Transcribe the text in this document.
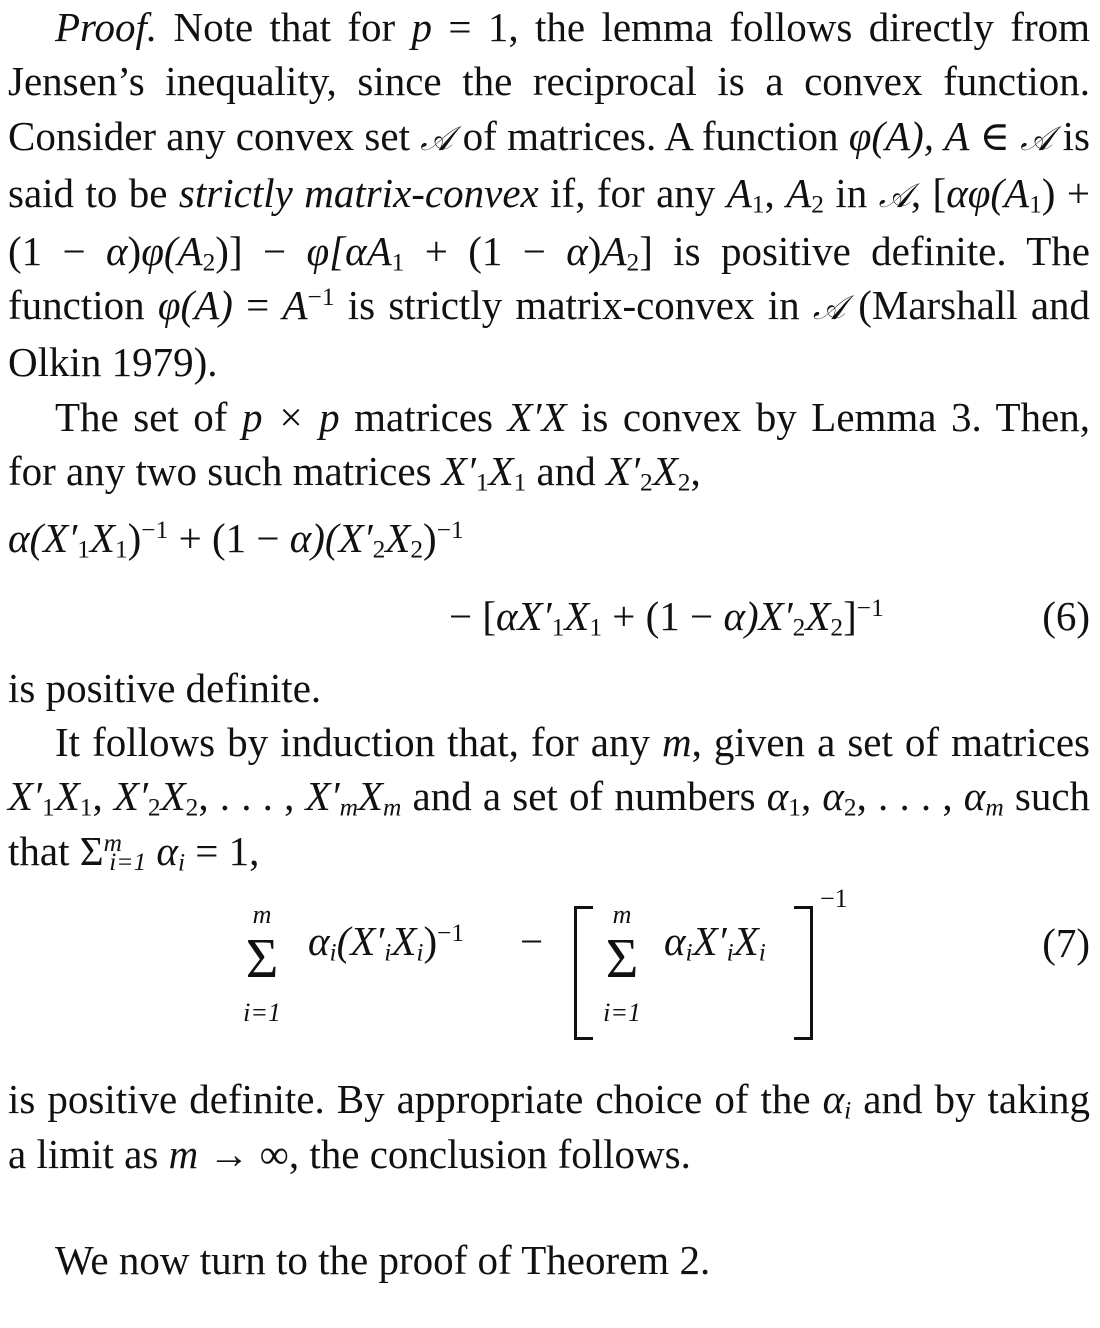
Proof. Note that for p = 1, the lemma follows directly from Jensen’s inequality, since the reciprocal is a convex function. Consider any convex set 𝒜 of matrices. A function φ(A), A ∈ 𝒜 is said to be strictly matrix-convex if, for any $A_1$, $A_2$ in 𝒜, $[\alpha\varphi(A_1) + (1 - \alpha)\varphi(A_2)] - \varphi[\alpha A_1 + (1 - \alpha)A_2]$ is positive definite. The function $\varphi(A) = A^{-1}$ is strictly matrix-convex in 𝒜 (Marshall and Olkin 1979).

The set of p × p matrices X′X is convex by Lemma 3. Then, for any two such matrices $X'_1X_1$ and $X'_2X_2$,

$\alpha(X'_1X_1)^{-1} + (1 - \alpha)(X'_2X_2)^{-1}$
− $[\alpha X'_1X_1 + (1 - \alpha)X'_2X_2]^{-1}$	(6)

is positive definite.

It follows by induction that, for any m, given a set of matrices $X'_1X_1$, $X'_2X_2$, . . . , $X'_mX_m$ and a set of numbers $\alpha_1$, $\alpha_2$, . . . , $\alpha_m$ such that $\Sigma^m_{i=1}$ $\alpha_i = 1$,

m
Σ
i=1
$\alpha_i(X'_iX_i)^{-1}$ −
m
Σ
i=1
$\alpha_iX'_iX_i$
−1
(7)

is positive definite. By appropriate choice of the $\alpha_i$ and by taking a limit as m → ∞, the conclusion follows.

We now turn to the proof of Theorem 2.
